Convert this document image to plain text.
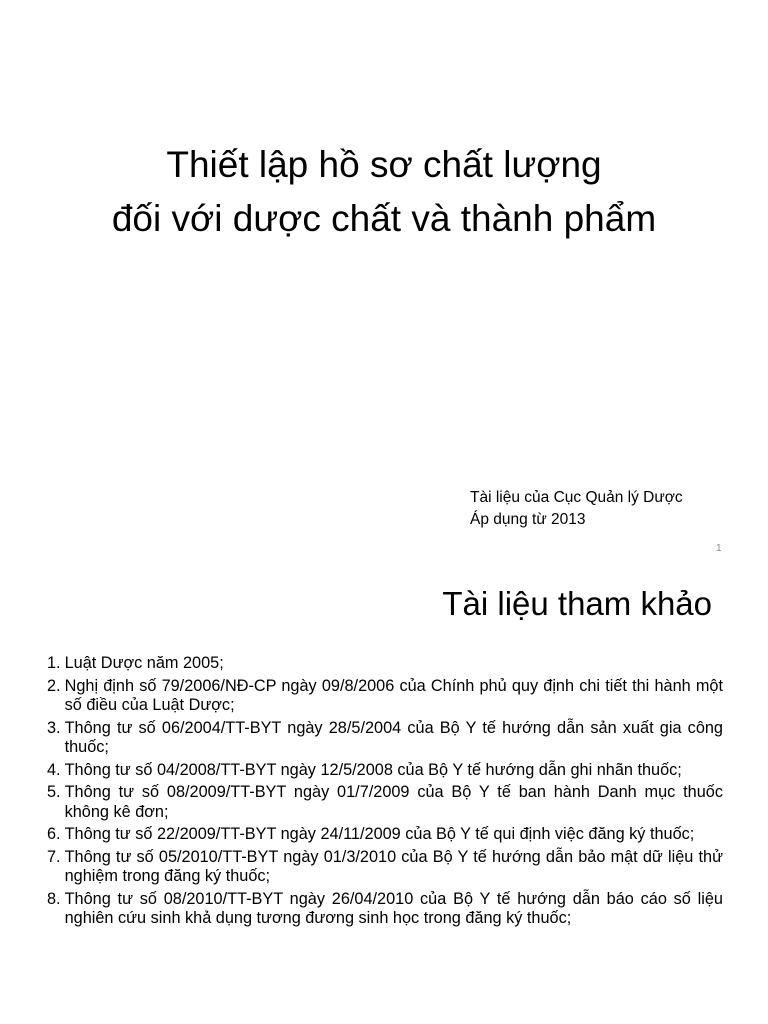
Thiết lập hồ sơ chất lượng
đối với dược chất và thành phẩm
Tài liệu của Cục Quản lý Dược
Áp dụng từ 2013
1
Tài liệu tham khảo
1. Luật Dược năm 2005;
2. Nghị định số 79/2006/NĐ-CP ngày 09/8/2006 của Chính phủ quy định chi tiết thi hành một số điều của Luật Dược;
3. Thông tư số 06/2004/TT-BYT ngày 28/5/2004 của Bộ Y tế hướng dẫn sản xuất gia công thuốc;
4. Thông tư số 04/2008/TT-BYT ngày 12/5/2008 của Bộ Y tế hướng dẫn ghi nhãn thuốc;
5. Thông tư số 08/2009/TT-BYT ngày 01/7/2009 của Bộ Y tế ban hành Danh mục thuốc không kê đơn;
6. Thông tư số 22/2009/TT-BYT ngày 24/11/2009 của Bộ Y tế qui định việc đăng ký thuốc;
7. Thông tư số 05/2010/TT-BYT ngày 01/3/2010 của Bộ Y tế hướng dẫn bảo mật dữ liệu thử nghiệm trong đăng ký thuốc;
8. Thông tư số 08/2010/TT-BYT ngày 26/04/2010 của Bộ Y tế hướng dẫn báo cáo số liệu nghiên cứu sinh khả dụng tương đương sinh học trong đăng ký thuốc;
